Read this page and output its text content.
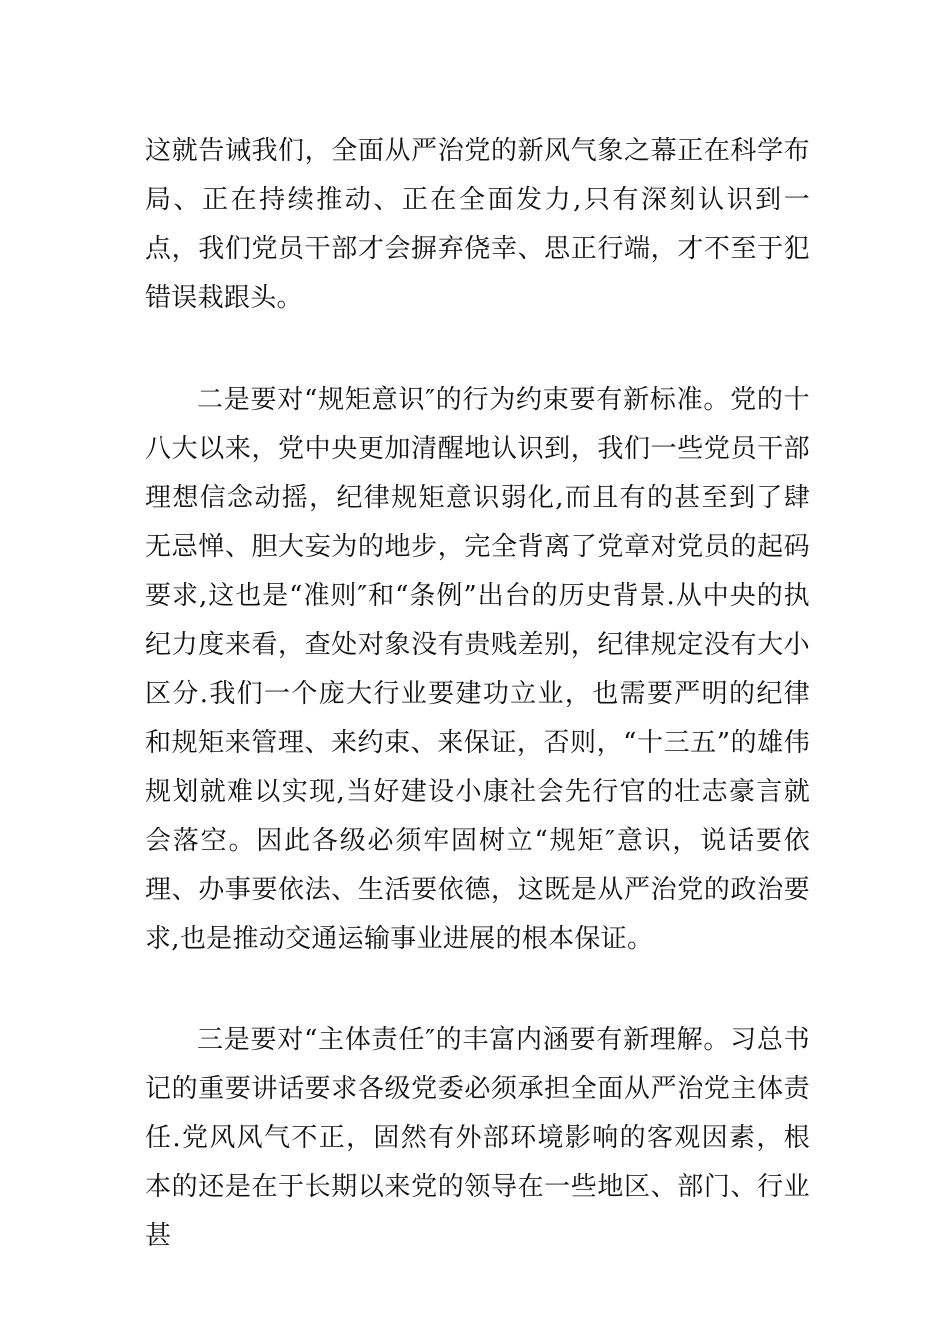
这就告诫我们，全面从严治党的新风气象之幕正在科学布局、正在持续推动、正在全面发力,只有深刻认识到一点，我们党员干部才会摒弃侥幸、思正行端，才不至于犯错误栽跟头。

二是要对“规矩意识″的行为约束要有新标准。党的十八大以来，党中央更加清醒地认识到，我们一些党员干部理想信念动摇，纪律规矩意识弱化,而且有的甚至到了肆无忌惮、胆大妄为的地步，完全背离了党章对党员的起码要求,这也是“准则″和“条例”出台的历史背景.从中央的执纪力度来看，查处对象没有贵贱差别，纪律规定没有大小区分.我们一个庞大行业要建功立业，也需要严明的纪律和规矩来管理、来约束、来保证，否则，“十三五”的雄伟规划就难以实现,当好建设小康社会先行官的壮志豪言就会落空。因此各级必须牢固树立“规矩″意识，说话要依理、办事要依法、生活要依德，这既是从严治党的政治要求,也是推动交通运输事业进展的根本保证。

三是要对“主体责任″的丰富内涵要有新理解。习总书记的重要讲话要求各级党委必须承担全面从严治党主体责任.党风风气不正，固然有外部环境影响的客观因素，根本的还是在于长期以来党的领导在一些地区、部门、行业甚
